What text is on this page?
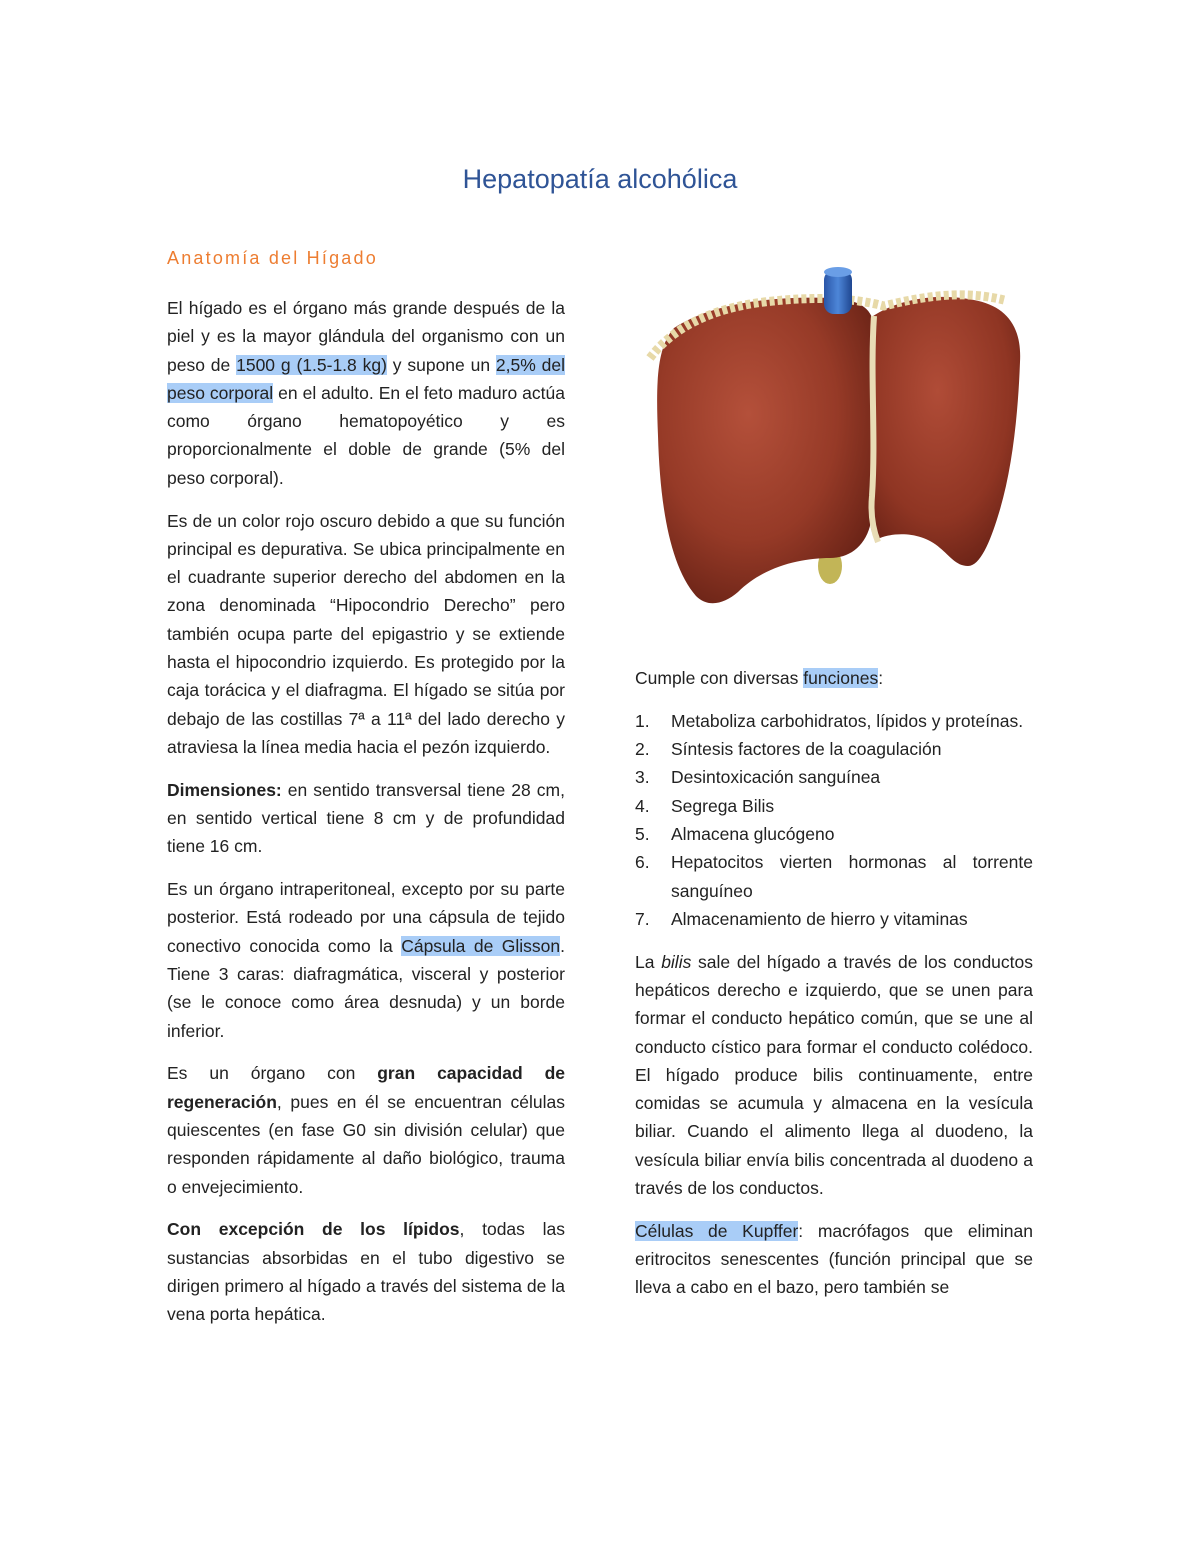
Hepatopatía alcohólica
Anatomía del Hígado

El hígado es el órgano más grande después de la piel y es la mayor glándula del organismo con un peso de 1500 g (1.5-1.8 kg) y supone un 2,5% del peso corporal en el adulto. En el feto maduro actúa como órgano hematopoyético y es proporcionalmente el doble de grande (5% del peso corporal).

Es de un color rojo oscuro debido a que su función principal es depurativa. Se ubica principalmente en el cuadrante superior derecho del abdomen en la zona denominada “Hipocondrio Derecho” pero también ocupa parte del epigastrio y se extiende hasta el hipocondrio izquierdo. Es protegido por la caja torácica y el diafragma. El hígado se sitúa por debajo de las costillas 7ª a 11ª del lado derecho y atraviesa la línea media hacia el pezón izquierdo.

Dimensiones: en sentido transversal tiene 28 cm, en sentido vertical tiene 8 cm y de profundidad tiene 16 cm.

Es un órgano intraperitoneal, excepto por su parte posterior. Está rodeado por una cápsula de tejido conectivo conocida como la Cápsula de Glisson. Tiene 3 caras: diafragmática, visceral y posterior (se le conoce como área desnuda) y un borde inferior.

Es un órgano con gran capacidad de regeneración, pues en él se encuentran células quiescentes (en fase G0 sin división celular) que responden rápidamente al daño biológico, trauma o envejecimiento.

Con excepción de los lípidos, todas las sustancias absorbidas en el tubo digestivo se dirigen primero al hígado a través del sistema de la vena porta hepática.

Cumple con diversas funciones:

1. Metaboliza carbohidratos, lípidos y proteínas.
2. Síntesis factores de la coagulación
3. Desintoxicación sanguínea
4. Segrega Bilis
5. Almacena glucógeno
6. Hepatocitos vierten hormonas al torrente sanguíneo
7. Almacenamiento de hierro y vitaminas

La bilis sale del hígado a través de los conductos hepáticos derecho e izquierdo, que se unen para formar el conducto hepático común, que se une al conducto cístico para formar el conducto colédoco. El hígado produce bilis continuamente, entre comidas se acumula y almacena en la vesícula biliar. Cuando el alimento llega al duodeno, la vesícula biliar envía bilis concentrada al duodeno a través de los conductos.

Células de Kupffer: macrófagos que eliminan eritrocitos senescentes (función principal que se lleva a cabo en el bazo, pero también se
